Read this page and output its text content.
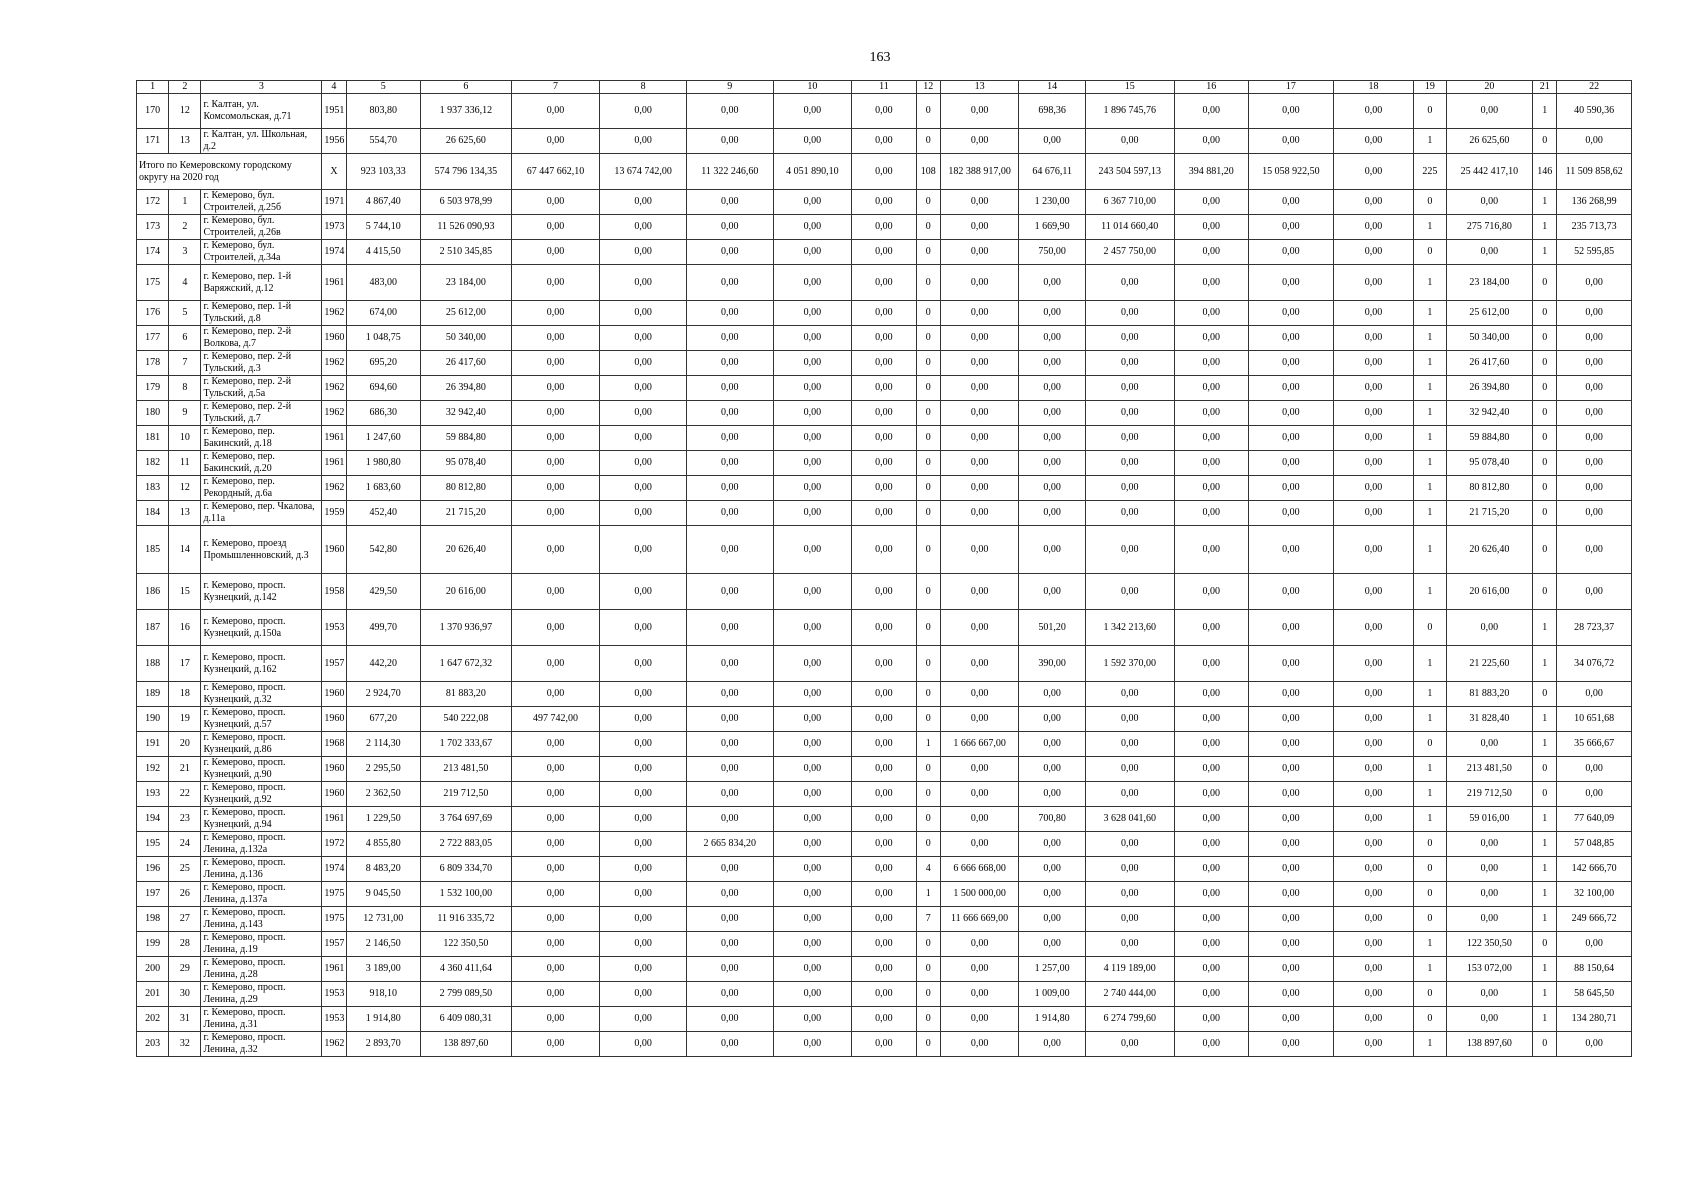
163
1	2	3	4	5	6	7	8	9	10	11	12	13	14	15	16	17	18	19	20	21	22
170	12	г. Калтан, ул. Комсомольская, д.71	1951	803,80	1 937 336,12	0,00	0,00	0,00	0,00	0,00	0	0,00	698,36	1 896 745,76	0,00	0,00	0,00	0	0,00	1	40 590,36
171	13	г. Калтан, ул. Школьная, д.2	1956	554,70	26 625,60	0,00	0,00	0,00	0,00	0,00	0	0,00	0,00	0,00	0,00	0,00	0,00	1	26 625,60	0	0,00
Итого по Кемеровскому городскому округу на 2020 год			X	923 103,33	574 796 134,35	67 447 662,10	13 674 742,00	11 322 246,60	4 051 890,10	0,00	108	182 388 917,00	64 676,11	243 504 597,13	394 881,20	15 058 922,50	0,00	225	25 442 417,10	146	11 509 858,62
172	1	г. Кемерово, бул. Строителей, д.25б	1971	4 867,40	6 503 978,99	0,00	0,00	0,00	0,00	0,00	0	0,00	1 230,00	6 367 710,00	0,00	0,00	0,00	0	0,00	1	136 268,99
173	2	г. Кемерово, бул. Строителей, д.26в	1973	5 744,10	11 526 090,93	0,00	0,00	0,00	0,00	0,00	0	0,00	1 669,90	11 014 660,40	0,00	0,00	0,00	1	275 716,80	1	235 713,73
174	3	г. Кемерово, бул. Строителей, д.34а	1974	4 415,50	2 510 345,85	0,00	0,00	0,00	0,00	0,00	0	0,00	750,00	2 457 750,00	0,00	0,00	0,00	0	0,00	1	52 595,85
175	4	г. Кемерово, пер. 1-й Варяжский, д.12	1961	483,00	23 184,00	0,00	0,00	0,00	0,00	0,00	0	0,00	0,00	0,00	0,00	0,00	0,00	1	23 184,00	0	0,00
176	5	г. Кемерово, пер. 1-й Тульский, д.8	1962	674,00	25 612,00	0,00	0,00	0,00	0,00	0,00	0	0,00	0,00	0,00	0,00	0,00	0,00	1	25 612,00	0	0,00
177	6	г. Кемерово, пер. 2-й Волкова, д.7	1960	1 048,75	50 340,00	0,00	0,00	0,00	0,00	0,00	0	0,00	0,00	0,00	0,00	0,00	0,00	1	50 340,00	0	0,00
178	7	г. Кемерово, пер. 2-й Тульский, д.3	1962	695,20	26 417,60	0,00	0,00	0,00	0,00	0,00	0	0,00	0,00	0,00	0,00	0,00	0,00	1	26 417,60	0	0,00
179	8	г. Кемерово, пер. 2-й Тульский, д.5а	1962	694,60	26 394,80	0,00	0,00	0,00	0,00	0,00	0	0,00	0,00	0,00	0,00	0,00	0,00	1	26 394,80	0	0,00
180	9	г. Кемерово, пер. 2-й Тульский, д.7	1962	686,30	32 942,40	0,00	0,00	0,00	0,00	0,00	0	0,00	0,00	0,00	0,00	0,00	0,00	1	32 942,40	0	0,00
181	10	г. Кемерово, пер. Бакинский, д.18	1961	1 247,60	59 884,80	0,00	0,00	0,00	0,00	0,00	0	0,00	0,00	0,00	0,00	0,00	0,00	1	59 884,80	0	0,00
182	11	г. Кемерово, пер. Бакинский, д.20	1961	1 980,80	95 078,40	0,00	0,00	0,00	0,00	0,00	0	0,00	0,00	0,00	0,00	0,00	0,00	1	95 078,40	0	0,00
183	12	г. Кемерово, пер. Рекордный, д.6а	1962	1 683,60	80 812,80	0,00	0,00	0,00	0,00	0,00	0	0,00	0,00	0,00	0,00	0,00	0,00	1	80 812,80	0	0,00
184	13	г. Кемерово, пер. Чкалова, д.11а	1959	452,40	21 715,20	0,00	0,00	0,00	0,00	0,00	0	0,00	0,00	0,00	0,00	0,00	0,00	1	21 715,20	0	0,00
185	14	г. Кемерово, проезд Промышленновский, д.3	1960	542,80	20 626,40	0,00	0,00	0,00	0,00	0,00	0	0,00	0,00	0,00	0,00	0,00	0,00	1	20 626,40	0	0,00
186	15	г. Кемерово, просп. Кузнецкий, д.142	1958	429,50	20 616,00	0,00	0,00	0,00	0,00	0,00	0	0,00	0,00	0,00	0,00	0,00	0,00	1	20 616,00	0	0,00
187	16	г. Кемерово, просп. Кузнецкий, д.150а	1953	499,70	1 370 936,97	0,00	0,00	0,00	0,00	0,00	0	0,00	501,20	1 342 213,60	0,00	0,00	0,00	0	0,00	1	28 723,37
188	17	г. Кемерово, просп. Кузнецкий, д.162	1957	442,20	1 647 672,32	0,00	0,00	0,00	0,00	0,00	0	0,00	390,00	1 592 370,00	0,00	0,00	0,00	1	21 225,60	1	34 076,72
189	18	г. Кемерово, просп. Кузнецкий, д.32	1960	2 924,70	81 883,20	0,00	0,00	0,00	0,00	0,00	0	0,00	0,00	0,00	0,00	0,00	0,00	1	81 883,20	0	0,00
190	19	г. Кемерово, просп. Кузнецкий, д.57	1960	677,20	540 222,08	497 742,00	0,00	0,00	0,00	0,00	0	0,00	0,00	0,00	0,00	0,00	0,00	1	31 828,40	1	10 651,68
191	20	г. Кемерово, просп. Кузнецкий, д.86	1968	2 114,30	1 702 333,67	0,00	0,00	0,00	0,00	0,00	1	1 666 667,00	0,00	0,00	0,00	0,00	0,00	0	0,00	1	35 666,67
192	21	г. Кемерово, просп. Кузнецкий, д.90	1960	2 295,50	213 481,50	0,00	0,00	0,00	0,00	0,00	0	0,00	0,00	0,00	0,00	0,00	0,00	1	213 481,50	0	0,00
193	22	г. Кемерово, просп. Кузнецкий, д.92	1960	2 362,50	219 712,50	0,00	0,00	0,00	0,00	0,00	0	0,00	0,00	0,00	0,00	0,00	0,00	1	219 712,50	0	0,00
194	23	г. Кемерово, просп. Кузнецкий, д.94	1961	1 229,50	3 764 697,69	0,00	0,00	0,00	0,00	0,00	0	0,00	700,80	3 628 041,60	0,00	0,00	0,00	1	59 016,00	1	77 640,09
195	24	г. Кемерово, просп. Ленина, д.132а	1972	4 855,80	2 722 883,05	0,00	0,00	2 665 834,20	0,00	0,00	0	0,00	0,00	0,00	0,00	0,00	0,00	0	0,00	1	57 048,85
196	25	г. Кемерово, просп. Ленина, д.136	1974	8 483,20	6 809 334,70	0,00	0,00	0,00	0,00	0,00	4	6 666 668,00	0,00	0,00	0,00	0,00	0,00	0	0,00	1	142 666,70
197	26	г. Кемерово, просп. Ленина, д.137а	1975	9 045,50	1 532 100,00	0,00	0,00	0,00	0,00	0,00	1	1 500 000,00	0,00	0,00	0,00	0,00	0,00	0	0,00	1	32 100,00
198	27	г. Кемерово, просп. Ленина, д.143	1975	12 731,00	11 916 335,72	0,00	0,00	0,00	0,00	0,00	7	11 666 669,00	0,00	0,00	0,00	0,00	0,00	0	0,00	1	249 666,72
199	28	г. Кемерово, просп. Ленина, д.19	1957	2 146,50	122 350,50	0,00	0,00	0,00	0,00	0,00	0	0,00	0,00	0,00	0,00	0,00	0,00	1	122 350,50	0	0,00
200	29	г. Кемерово, просп. Ленина, д.28	1961	3 189,00	4 360 411,64	0,00	0,00	0,00	0,00	0,00	0	0,00	1 257,00	4 119 189,00	0,00	0,00	0,00	1	153 072,00	1	88 150,64
201	30	г. Кемерово, просп. Ленина, д.29	1953	918,10	2 799 089,50	0,00	0,00	0,00	0,00	0,00	0	0,00	1 009,00	2 740 444,00	0,00	0,00	0,00	0	0,00	1	58 645,50
202	31	г. Кемерово, просп. Ленина, д.31	1953	1 914,80	6 409 080,31	0,00	0,00	0,00	0,00	0,00	0	0,00	1 914,80	6 274 799,60	0,00	0,00	0,00	0	0,00	1	134 280,71
203	32	г. Кемерово, просп. Ленина, д.32	1962	2 893,70	138 897,60	0,00	0,00	0,00	0,00	0,00	0	0,00	0,00	0,00	0,00	0,00	0,00	1	138 897,60	0	0,00
